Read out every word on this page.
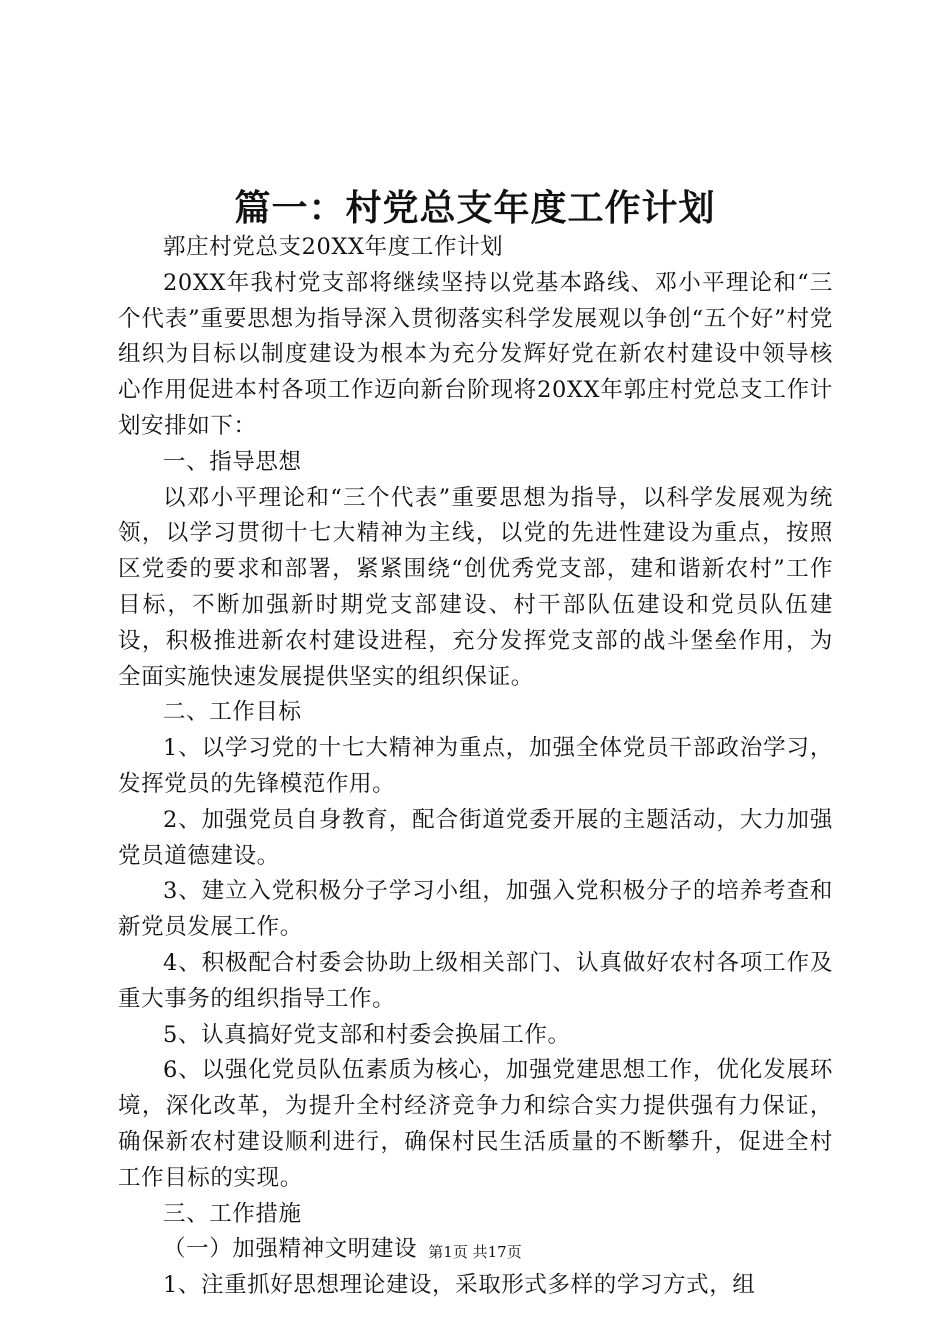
篇一：村党总支年度工作计划

郭庄村党总支20XX年度工作计划

20XX年我村党支部将继续坚持以党基本路线、邓小平理论和“三个代表”重要思想为指导深入贯彻落实科学发展观以争创“五个好”村党组织为目标以制度建设为根本为充分发辉好党在新农村建设中领导核心作用促进本村各项工作迈向新台阶现将20XX年郭庄村党总支工作计划安排如下：

一、指导思想

以邓小平理论和“三个代表”重要思想为指导，以科学发展观为统领，以学习贯彻十七大精神为主线，以党的先进性建设为重点，按照区党委的要求和部署，紧紧围绕“创优秀党支部，建和谐新农村”工作目标，不断加强新时期党支部建设、村干部队伍建设和党员队伍建设，积极推进新农村建设进程，充分发挥党支部的战斗堡垒作用，为全面实施快速发展提供坚实的组织保证。

二、工作目标

1、以学习党的十七大精神为重点，加强全体党员干部政治学习，发挥党员的先锋模范作用。

2、加强党员自身教育，配合街道党委开展的主题活动，大力加强党员道德建设。

3、建立入党积极分子学习小组，加强入党积极分子的培养考查和新党员发展工作。

4、积极配合村委会协助上级相关部门、认真做好农村各项工作及重大事务的组织指导工作。

5、认真搞好党支部和村委会换届工作。

6、以强化党员队伍素质为核心，加强党建思想工作，优化发展环境，深化改革，为提升全村经济竞争力和综合实力提供强有力保证，确保新农村建设顺利进行，确保村民生活质量的不断攀升，促进全村工作目标的实现。

三、工作措施

（一）加强精神文明建设

1、注重抓好思想理论建设，采取形式多样的学习方式，组

第1页 共17页
